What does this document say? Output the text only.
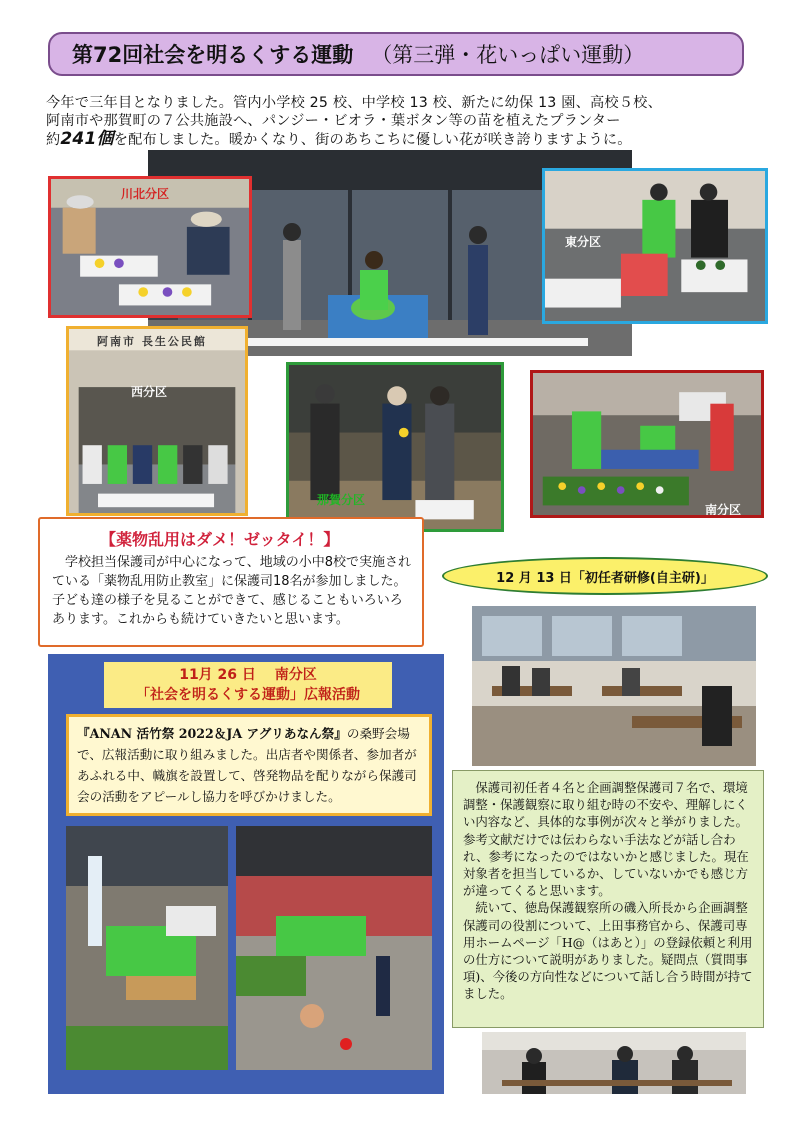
第72回社会を明るくする運動 （第三弾・花いっぱい運動）
今年で三年目となりました。管内小学校 25 校、中学校 13 校、新たに幼保 13 園、高校５校、
阿南市や那賀町の７公共施設へ、パンジー・ビオラ・葉ボタン等の苗を植えたプランター
約241個を配布しました。暖かくなり、街のあちこちに優しい花が咲き誇りますように。
川北分区
東分区
阿南市 長生公民館
西分区
那賀分区
南分区
【薬物乱用はダメ！ゼッタイ！】
学校担当保護司が中心になって、地域の小中8校で実施されている「薬物乱用防止教室」に保護司18名が参加しました。子ども達の様子を見ることができて、感じることもいろいろあります。これからも続けていきたいと思います。
12 月 13 日「初任者研修(自主研)」

保護司初任者４名と企画調整保護司７名で、環境調整・保護観察に取り組む時の不安や、理解しにくい内容など、具体的な事例が次々と挙がりました。参考文献だけでは伝わらない手法などが話し合われ、参考になったのではないかと感じました。現在対象者を担当しているか、していないかでも感じ方が違ってくると思います。

続いて、徳島保護観察所の磯入所長から企画調整保護司の役割について、上田事務官から、保護司専用ホームページ「H@（はあと）」の登録依頼と利用の仕方について説明がありました。疑問点（質問事項)、今後の方向性などについて話し合う時間が持てました。

11月 26 日　 南分区
「社会を明るくする運動」広報活動
『ANAN 活竹祭 2022＆JA アグリあなん祭』の桑野会場で、広報活動に取り組みました。出店者や関係者、参加者があふれる中、幟旗を設置して、啓発物品を配りながら保護司会の活動をアピールし協力を呼びかけました。
